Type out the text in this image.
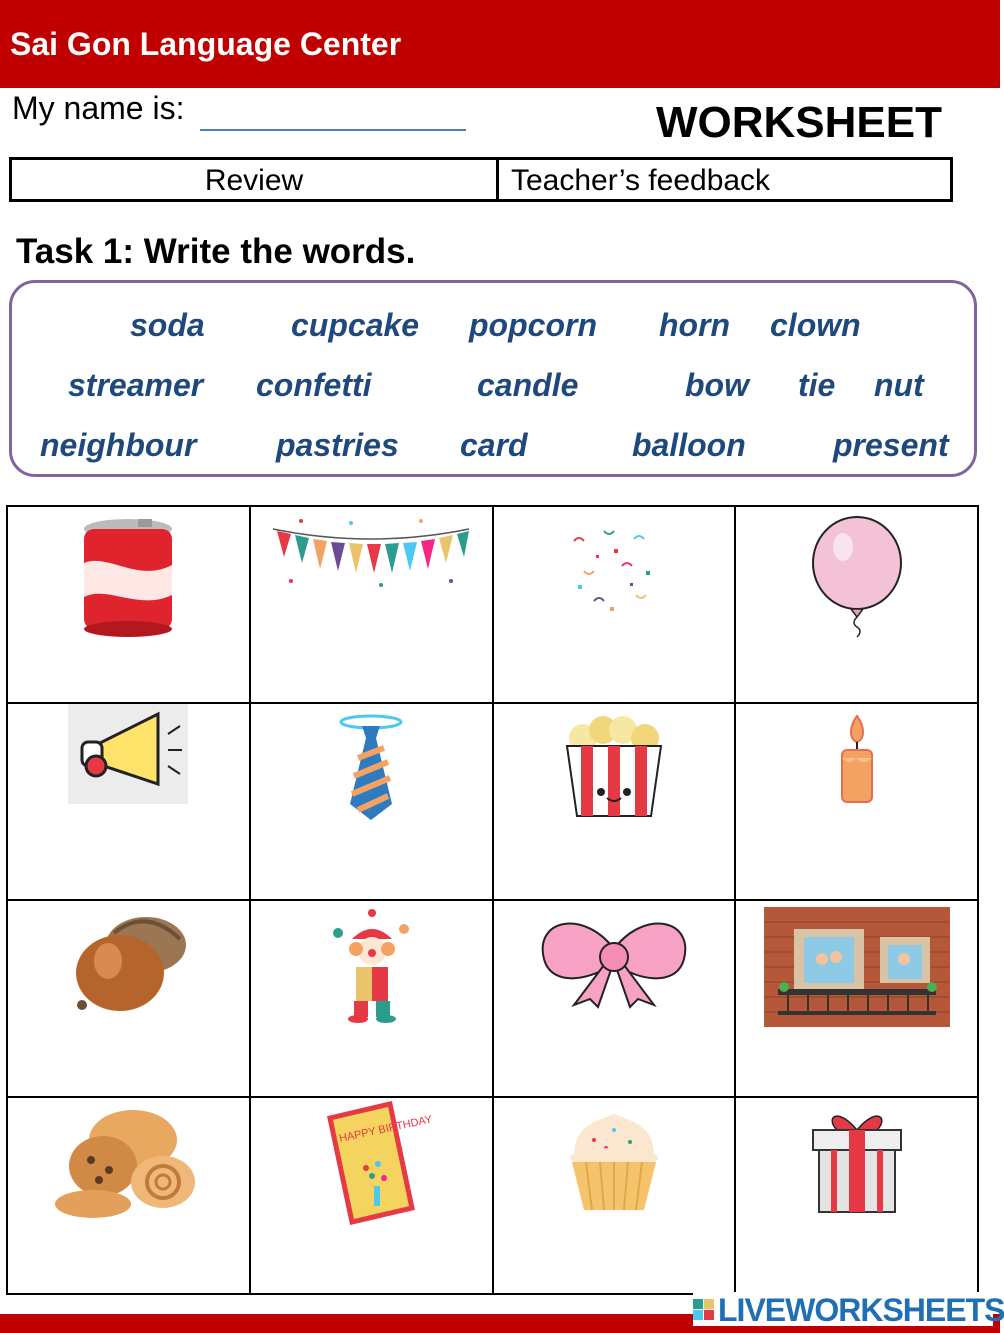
Sai Gon Language Center
My name is:	WORKSHEET
Review	Teacher’s feedback
Task 1: Write the words.
soda	cupcake popcorn horn clown
streamer confetti	candle	bow tie nut
neighbour pastries card	balloon	present

HAPPY BIRTHDAY

LIVEWORKSHEETS
